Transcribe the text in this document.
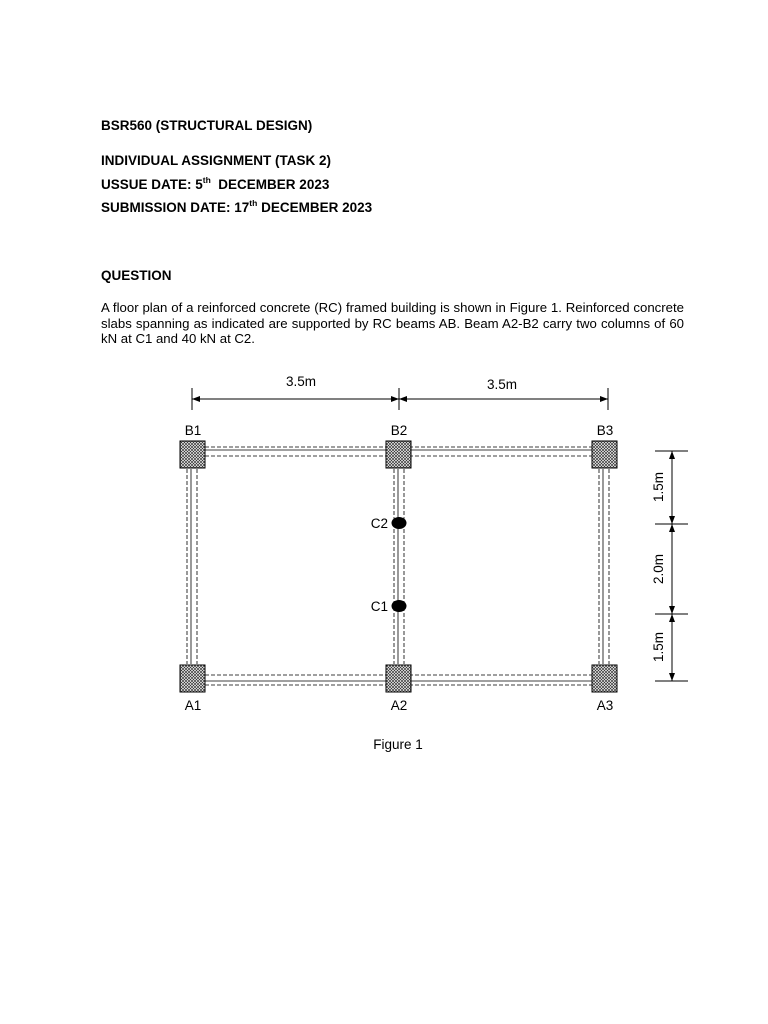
BSR560 (STRUCTURAL DESIGN)
INDIVIDUAL ASSIGNMENT (TASK 2)
USSUE DATE: 5th  DECEMBER 2023
SUBMISSION DATE: 17th DECEMBER 2023
QUESTION
A floor plan of a reinforced concrete (RC) framed building is shown in Figure 1. Reinforced concrete slabs spanning as indicated are supported by RC beams AB. Beam A2-B2 carry two columns of 60 kN at C1 and 40 kN at C2.
3.5m	3.5m
B1	B2	B3
A1	A2	A3
C2
C1
1.5m
2.0m
1.5m
Figure 1
